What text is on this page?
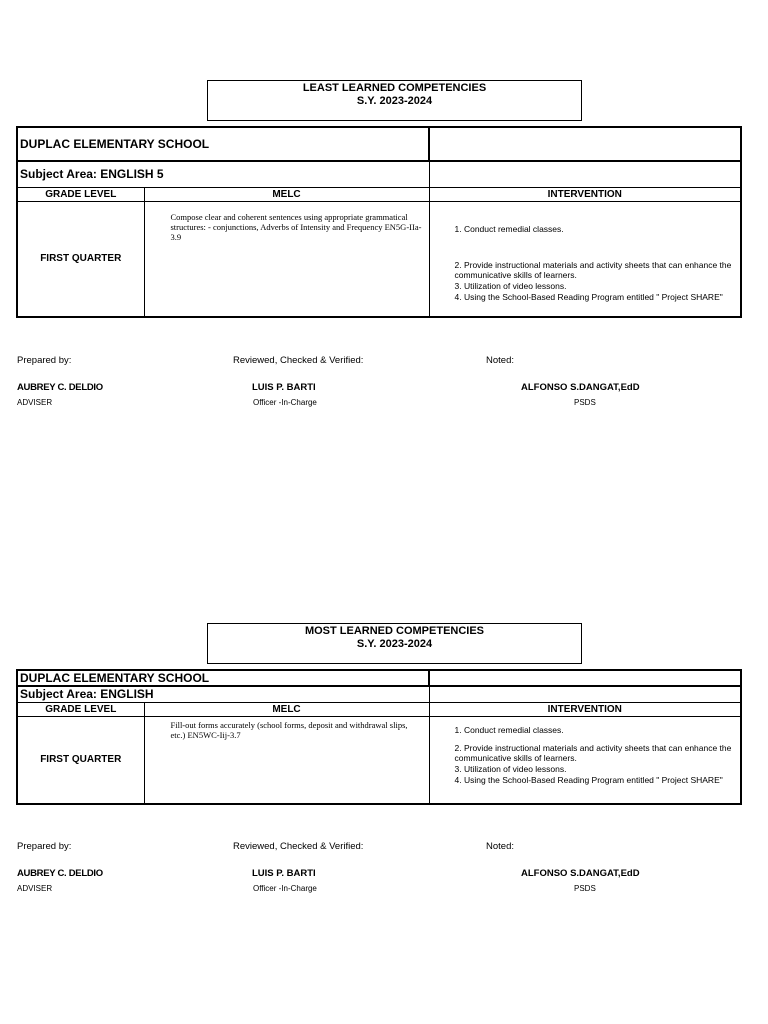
LEAST LEARNED COMPETENCIES
S.Y. 2023-2024
DUPLAC ELEMENTARY SCHOOL		
Subject Area: ENGLISH 5		
GRADE LEVEL	MELC	INTERVENTION
FIRST QUARTER	Compose clear and coherent sentences using appropriate grammatical structures: - conjunctions, Adverbs of Intensity and Frequency EN5G-IIa-3.9	1. Conduct remedial classes.

2. Provide instructional materials and activity sheets that can enhance the communicative skills of learners.

3. Utilization of video lessons.

4. Using the School-Based Reading Program entitled " Project SHARE"

Prepared by:	Reviewed, Checked & Verified:	Noted:
AUBREY C. DELDIO	LUIS P. BARTI	ALFONSO S.DANGAT,EdD
ADVISER	Officer -In-Charge	PSDS
MOST LEARNED COMPETENCIES
S.Y. 2023-2024
DUPLAC ELEMENTARY SCHOOL		
Subject Area: ENGLISH		
GRADE LEVEL	MELC	INTERVENTION
FIRST QUARTER	Fill-out forms accurately (school forms, deposit and withdrawal slips, etc.) EN5WC-Iij-3.7	1. Conduct remedial classes.

2. Provide instructional materials and activity sheets that can enhance the communicative skills of learners.

3. Utilization of video lessons.

4. Using the School-Based Reading Program entitled " Project SHARE"

Prepared by:	Reviewed, Checked & Verified:	Noted:
AUBREY C. DELDIO	LUIS P. BARTI	ALFONSO S.DANGAT,EdD
ADVISER	Officer -In-Charge	PSDS
